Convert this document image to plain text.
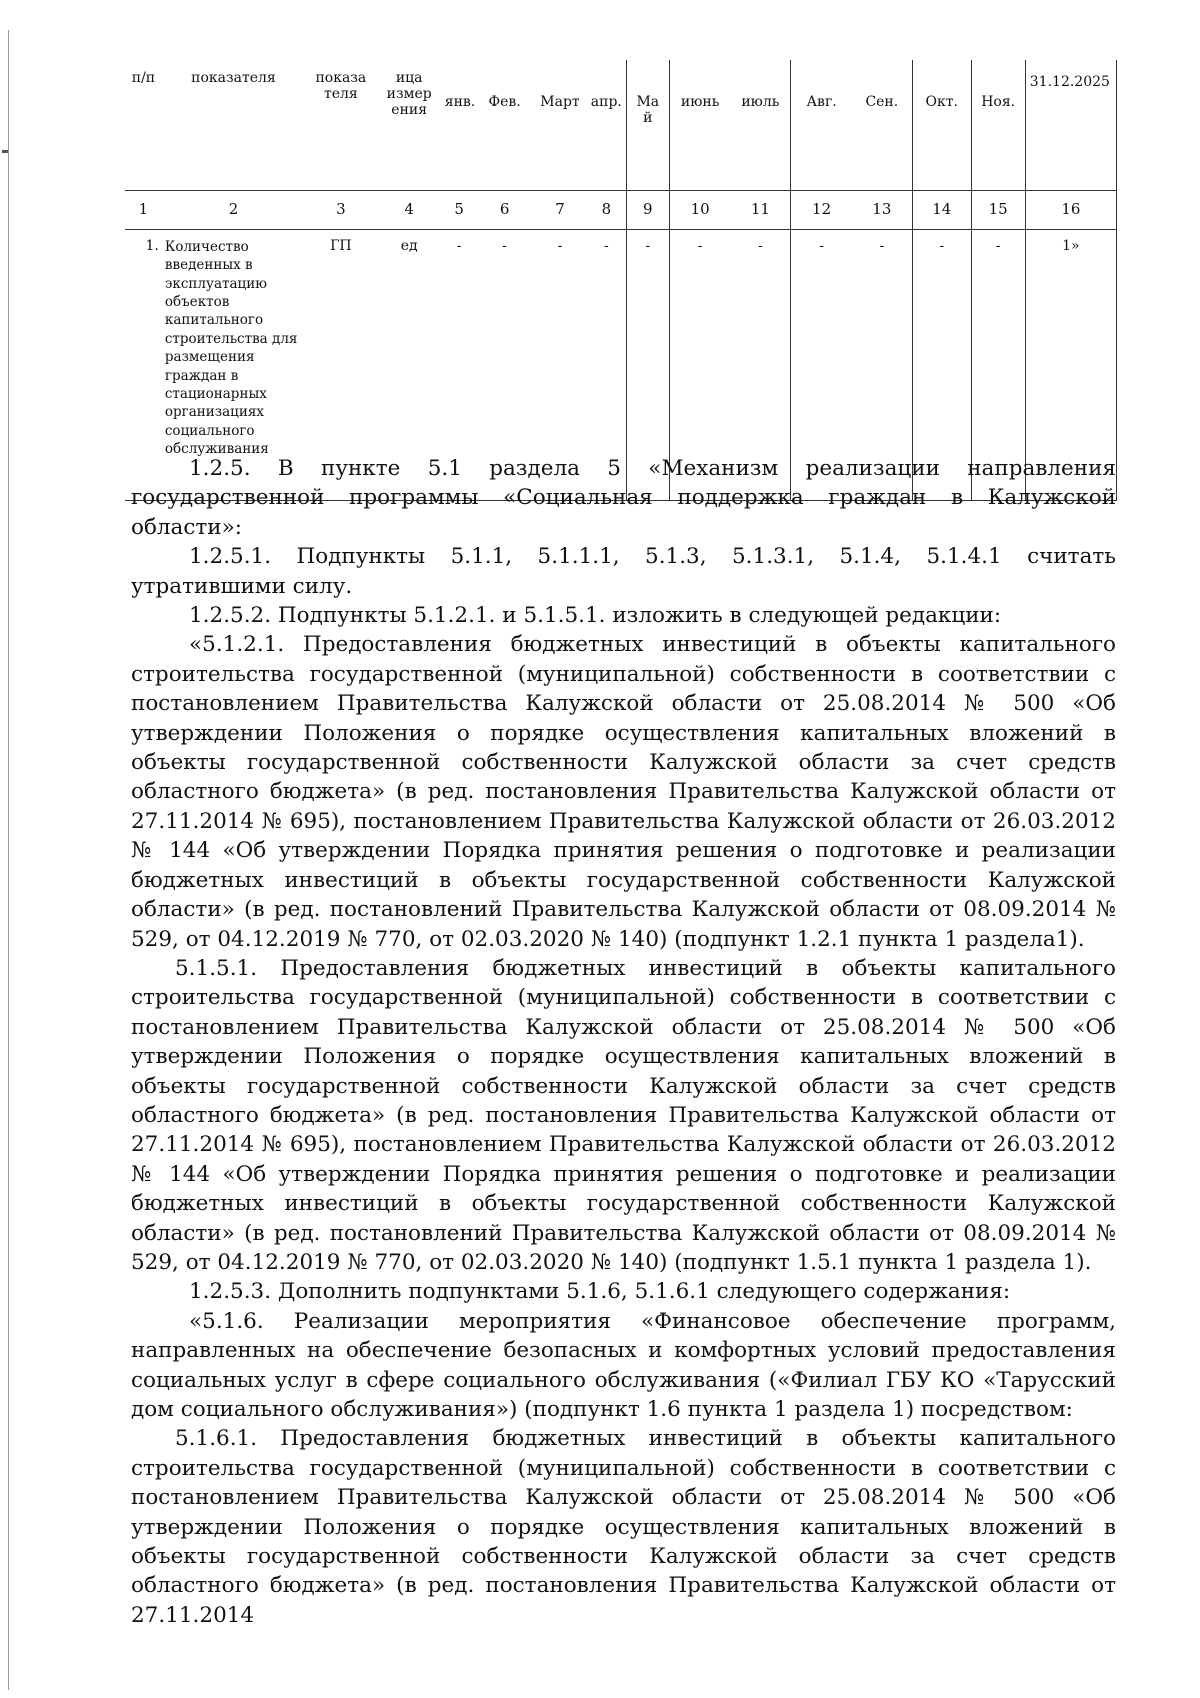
п/п	показателя	показа теля	ица измер ения	янв.	Фев.	Март	апр.	Ма й	июнь	июль	Авг.	Сен.	Окт.	Ноя.	31.12.2025
1	2	3	4	5	6	7	8	9	10	11	12	13	14	15	16
1.	Количество введенных в эксплуатацию объектов капитального строительства для размещения граждан в стационарных организациях социального обслуживания	ГП	ед	-	-	-	-	-	-	-	-	-	-	-	1»

1.2.5. В пункте 5.1 раздела 5 «Механизм реализации направления государственной программы «Социальная поддержка граждан в Калужской области»:

1.2.5.1. Подпункты 5.1.1, 5.1.1.1, 5.1.3, 5.1.3.1, 5.1.4, 5.1.4.1 считать утратившими силу.

1.2.5.2. Подпункты 5.1.2.1. и 5.1.5.1. изложить в следующей редакции:

«5.1.2.1. Предоставления бюджетных инвестиций в объекты капитального строительства государственной (муниципальной) собственности в соответствии с постановлением Правительства Калужской области от 25.08.2014 № 500 «Об утверждении Положения о порядке осуществления капитальных вложений в объекты государственной собственности Калужской области за счет средств областного бюджета» (в ред. постановления Правительства Калужской области от 27.11.2014 № 695), постановлением Правительства Калужской области от 26.03.2012 № 144 «Об утверждении Порядка принятия решения о подготовке и реализации бюджетных инвестиций в объекты государственной собственности Калужской области» (в ред. постановлений Правительства Калужской области от 08.09.2014 № 529, от 04.12.2019 № 770, от 02.03.2020 № 140) (подпункт 1.2.1 пункта 1 раздела1).

5.1.5.1. Предоставления бюджетных инвестиций в объекты капитального строительства государственной (муниципальной) собственности в соответствии с постановлением Правительства Калужской области от 25.08.2014 № 500 «Об утверждении Положения о порядке осуществления капитальных вложений в объекты государственной собственности Калужской области за счет средств областного бюджета» (в ред. постановления Правительства Калужской области от 27.11.2014 № 695), постановлением Правительства Калужской области от 26.03.2012 № 144 «Об утверждении Порядка принятия решения о подготовке и реализации бюджетных инвестиций в объекты государственной собственности Калужской области» (в ред. постановлений Правительства Калужской области от 08.09.2014 № 529, от 04.12.2019 № 770, от 02.03.2020 № 140) (подпункт 1.5.1 пункта 1 раздела 1).

1.2.5.3. Дополнить подпунктами 5.1.6, 5.1.6.1 следующего содержания:

«5.1.6. Реализации мероприятия «Финансовое обеспечение программ, направленных на обеспечение безопасных и комфортных условий предоставления социальных услуг в сфере социального обслуживания («Филиал ГБУ КО «Тарусский дом социального обслуживания») (подпункт 1.6 пункта 1 раздела 1) посредством:

5.1.6.1. Предоставления бюджетных инвестиций в объекты капитального строительства государственной (муниципальной) собственности в соответствии с постановлением Правительства Калужской области от 25.08.2014 № 500 «Об утверждении Положения о порядке осуществления капитальных вложений в объекты государственной собственности Калужской области за счет средств областного бюджета» (в ред. постановления Правительства Калужской области от 27.11.2014
